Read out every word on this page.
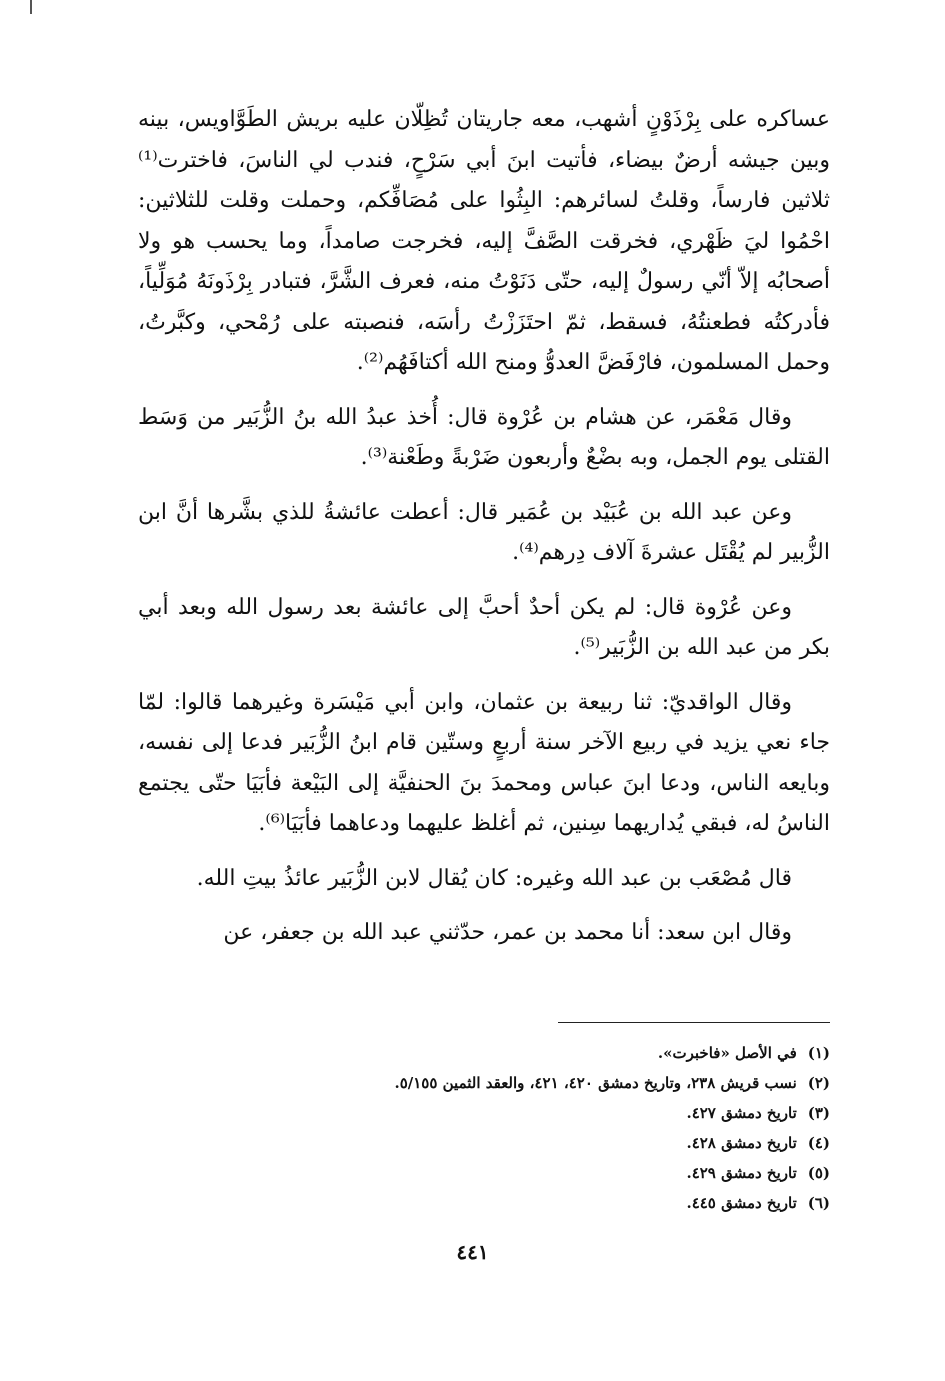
عساكره على بِرْذَوْنٍ أشهب، معه جاريتان تُظِلّان عليه بريش الطَوَّاويس، بينه وبين جيشه أرضٌ بيضاء، فأتيت ابنَ أبي سَرْحٍ، فندب لي الناسَ، فاخترت⁽¹⁾ ثلاثين فارساً، وقلتُ لسائرهم: البِثُوا على مُصَافِّكم، وحملت وقلت للثلاثين: احْمُوا ليَ ظَهْري، فخرقت الصَّفَّ إليه، فخرجت صامداً، وما يحسب هو ولا أصحابُه إلاّ أنّي رسولٌ إليه، حتّى دَنَوْتُ منه، فعرف الشَّرَّ، فتبادر بِرْذَونَهُ مُوَلِّياً، فأدركتُه فطعنتُهُ، فسقط، ثمّ احتَزَزْتُ رأسَه، فنصبته على رُمْحي، وكبَّرتُ، وحمل المسلمون، فارْفَضَّ العدوُّ ومنح الله أكتافَهُم⁽²⁾.

وقال مَعْمَر، عن هشام بن عُرْوة قال: أُخذ عبدُ الله بنُ الزُّبَير من وَسَط القتلى يوم الجمل، وبه بضْعٌ وأربعون ضَرْبةً وطَعْنة⁽³⁾.

وعن عبد الله بن عُبَيْد بن عُمَير قال: أعطت عائشةُ للذي بشَّرها أنَّ ابن الزُّبير لم يُقْتَل عشرةَ آلاف دِرهم⁽⁴⁾.

وعن عُرْوة قال: لم يكن أحدٌ أحبَّ إلى عائشة بعد رسول الله وبعد أبي بكر من عبد الله بن الزُّبَير⁽⁵⁾.

وقال الواقديّ: ثنا ربيعة بن عثمان، وابن أبي مَيْسَرة وغيرهما قالوا: لمّا جاء نعي يزيد في ربيع الآخر سنة أربعٍ وستّين قام ابنُ الزُّبَير فدعا إلى نفسه، وبايعه الناس، ودعا ابنَ عباس ومحمدَ بنَ الحنفيَّة إلى البَيْعة فأبَيَا حتّى يجتمع الناسُ له، فبقي يُداريهما سِنين، ثم أغلظ عليهما ودعاهما فأبَيَا⁽⁶⁾.

قال مُصْعَب بن عبد الله وغيره: كان يُقال لابن الزُّبَير عائذُ بيتِ الله.

وقال ابن سعد: أنا محمد بن عمر، حدّثني عبد الله بن جعفر، عن

(١) في الأصل «فاخبرت».
(٢) نسب قريش ٢٣٨، وتاريخ دمشق ٤٢٠، ٤٢١، والعقد الثمين ٥/١٥٥.
(٣) تاريخ دمشق ٤٢٧.
(٤) تاريخ دمشق ٤٢٨.
(٥) تاريخ دمشق ٤٢٩.
(٦) تاريخ دمشق ٤٤٥.
٤٤١
